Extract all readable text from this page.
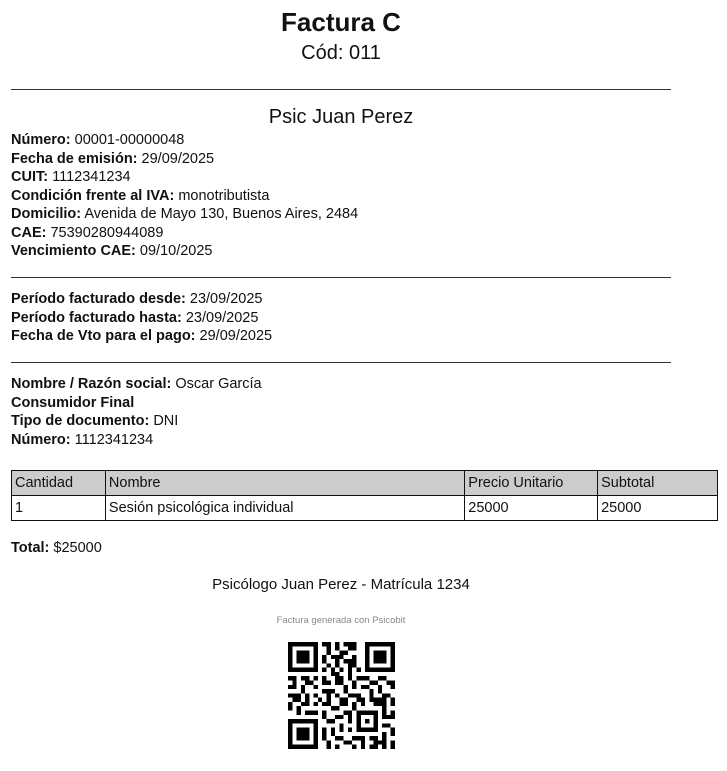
Factura C
Cód: 011
Psic Juan Perez
Número: 00001-00000048
Fecha de emisión: 29/09/2025
CUIT: 1112341234
Condición frente al IVA: monotributista
Domicilio: Avenida de Mayo 130, Buenos Aires, 2484
CAE: 75390280944089
Vencimiento CAE: 09/10/2025
Período facturado desde: 23/09/2025
Período facturado hasta: 23/09/2025
Fecha de Vto para el pago: 29/09/2025
Nombre / Razón social: Oscar García
Consumidor Final
Tipo de documento: DNI
Número: 1112341234
Cantidad	Nombre	Precio Unitario	Subtotal
1	Sesión psicológica individual	25000	25000
Total: $25000
Psicólogo Juan Perez - Matrícula 1234
Factura generada con Psicobit
